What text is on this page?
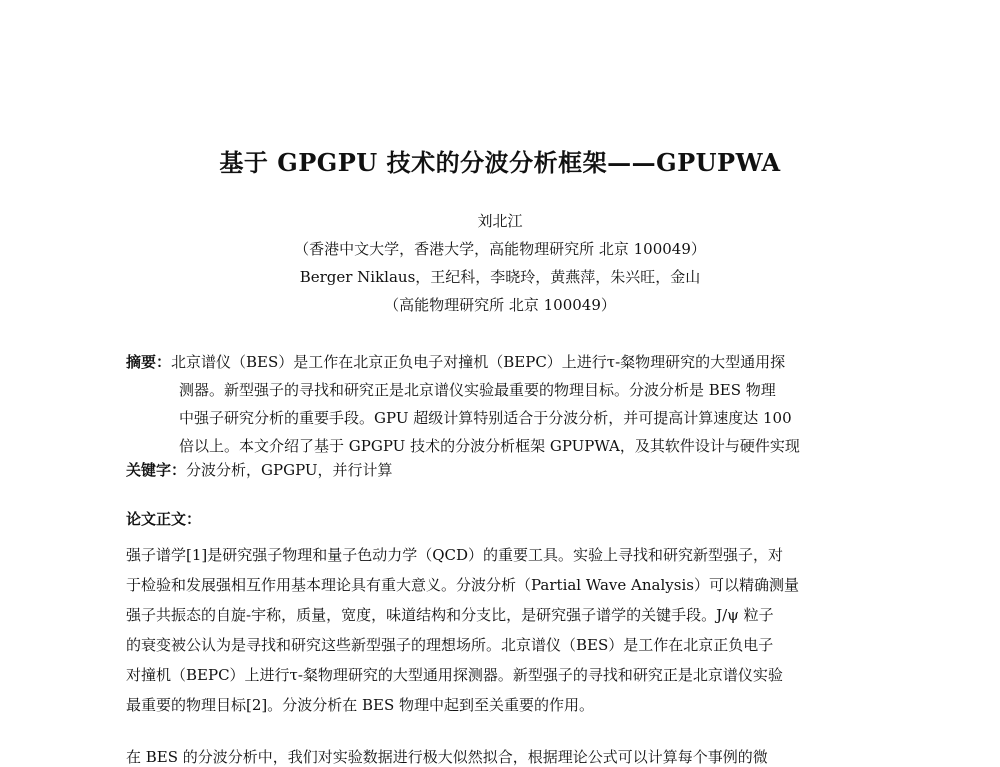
基于 GPGPU 技术的分波分析框架——GPUPWA
刘北江
（香港中文大学，香港大学，高能物理研究所 北京 100049）
Berger Niklaus，王纪科，李晓玲，黄燕萍，朱兴旺，金山
（高能物理研究所 北京 100049）
摘要：北京谱仪（BES）是工作在北京正负电子对撞机（BEPC）上进行τ-粲物理研究的大型通用探
测器。新型强子的寻找和研究正是北京谱仪实验最重要的物理目标。分波分析是 BES 物理
中强子研究分析的重要手段。GPU 超级计算特别适合于分波分析，并可提高计算速度达 100
倍以上。本文介绍了基于 GPGPU 技术的分波分析框架 GPUPWA，及其软件设计与硬件实现
关键字：分波分析，GPGPU，并行计算
论文正文：
强子谱学[1]是研究强子物理和量子色动力学（QCD）的重要工具。实验上寻找和研究新型强子，对
于检验和发展强相互作用基本理论具有重大意义。分波分析（Partial Wave Analysis）可以精确测量
强子共振态的自旋-宇称，质量，宽度，味道结构和分支比，是研究强子谱学的关键手段。J/ψ 粒子
的衰变被公认为是寻找和研究这些新型强子的理想场所。北京谱仪（BES）是工作在北京正负电子
对撞机（BEPC）上进行τ-粲物理研究的大型通用探测器。新型强子的寻找和研究正是北京谱仪实验
最重要的物理目标[2]。分波分析在 BES 物理中起到至关重要的作用。
在 BES 的分波分析中，我们对实验数据进行极大似然拟合，根据理论公式可以计算每个事例的微
